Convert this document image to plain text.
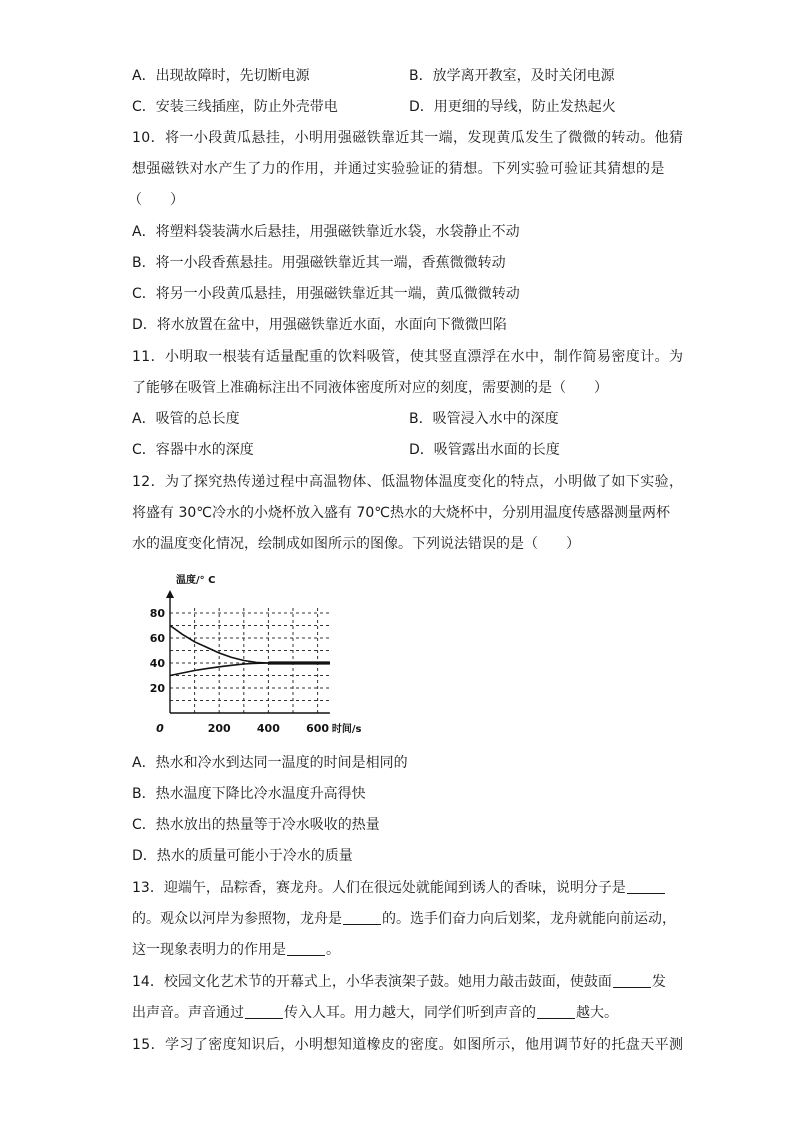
A．出现故障时，先切断电源	B．放学离开教室，及时关闭电源
C．安装三线插座，防止外壳带电	D．用更细的导线，防止发热起火
10．将一小段黄瓜悬挂，小明用强磁铁靠近其一端，发现黄瓜发生了微微的转动。他猜
想强磁铁对水产生了力的作用，并通过实验验证的猜想。下列实验可验证其猜想的是
（　　）
A．将塑料袋装满水后悬挂，用强磁铁靠近水袋，水袋静止不动
B．将一小段香蕉悬挂。用强磁铁靠近其一端，香蕉微微转动
C．将另一小段黄瓜悬挂，用强磁铁靠近其一端，黄瓜微微转动
D．将水放置在盆中，用强磁铁靠近水面，水面向下微微凹陷
11．小明取一根装有适量配重的饮料吸管，使其竖直漂浮在水中，制作简易密度计。为
了能够在吸管上准确标注出不同液体密度所对应的刻度，需要测的是（　　）
A．吸管的总长度	B．吸管浸入水中的深度
C．容器中水的深度	D．吸管露出水面的长度
12．为了探究热传递过程中高温物体、低温物体温度变化的特点，小明做了如下实验，
将盛有 30℃冷水的小烧杯放入盛有 70℃热水的大烧杯中，分别用温度传感器测量两杯
水的温度变化情况，绘制成如图所示的图像。下列说法错误的是（　　）
20
40
60
80
200 400 600
0
温度/° C
时间/s
A．热水和冷水到达同一温度的时间是相同的
B．热水温度下降比冷水温度升高得快
C．热水放出的热量等于冷水吸收的热量
D．热水的质量可能小于冷水的质量
13．迎端午，品粽香，赛龙舟。人们在很远处就能闻到诱人的香味，说明分子是
的。观众以河岸为参照物，龙舟是	的。选手们奋力向后划桨，龙舟就能向前运动，
这一现象表明力的作用是	。
14．校园文化艺术节的开幕式上，小华表演架子鼓。她用力敲击鼓面，使鼓面	发
出声音。声音通过	传入人耳。用力越大，同学们听到声音的	越大。
15．学习了密度知识后，小明想知道橡皮的密度。如图所示，他用调节好的托盘天平测
